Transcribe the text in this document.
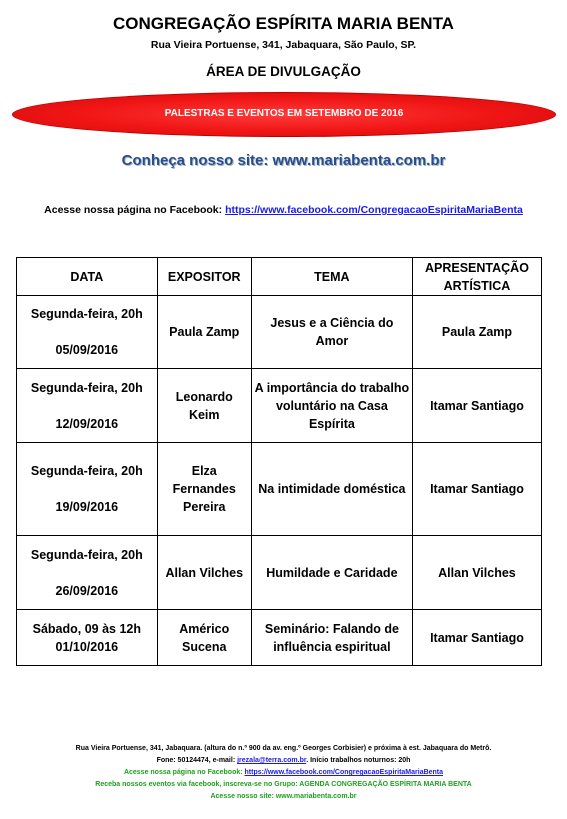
CONGREGAÇÃO ESPÍRITA MARIA BENTA
Rua Vieira Portuense, 341, Jabaquara, São Paulo, SP.
ÁREA DE DIVULGAÇÃO
PALESTRAS E EVENTOS EM SETEMBRO DE 2016
Conheça nosso site: www.mariabenta.com.br
Acesse nossa página no Facebook: https://www.facebook.com/CongregacaoEspiritaMariaBenta
DATA	EXPOSITOR	TEMA	APRESENTAÇÃO ARTÍSTICA

Segunda-feira, 20h
05/09/2016	Paula Zamp	Jesus e a Ciência do Amor	Paula Zamp

Segunda-feira, 20h
12/09/2016	Leonardo Keim	A importância do trabalho voluntário na Casa Espírita	Itamar Santiago

Segunda-feira, 20h
19/09/2016	Elza Fernandes Pereira	Na intimidade doméstica	Itamar Santiago

Segunda-feira, 20h
26/09/2016	Allan Vilches	Humildade e Caridade	Allan Vilches

Sábado, 09 às 12h
01/10/2016	Américo Sucena	Seminário: Falando de influência espiritual	Itamar Santiago
Rua Vieira Portuense, 341, Jabaquara. (altura do n.º 900 da av. eng.º Georges Corbisier) e próxima à est. Jabaquara do Metrô.
Fone: 50124474, e-mail: jrezala@terra.com.br. Início trabalhos noturnos: 20h
Acesse nossa página no Facebook: https://www.facebook.com/CongregacaoEspiritaMariaBenta
Receba nossos eventos via facebook, inscreva-se no Grupo: AGENDA CONGREGAÇÃO ESPÍRITA MARIA BENTA
Acesse nosso site: www.mariabenta.com.br
